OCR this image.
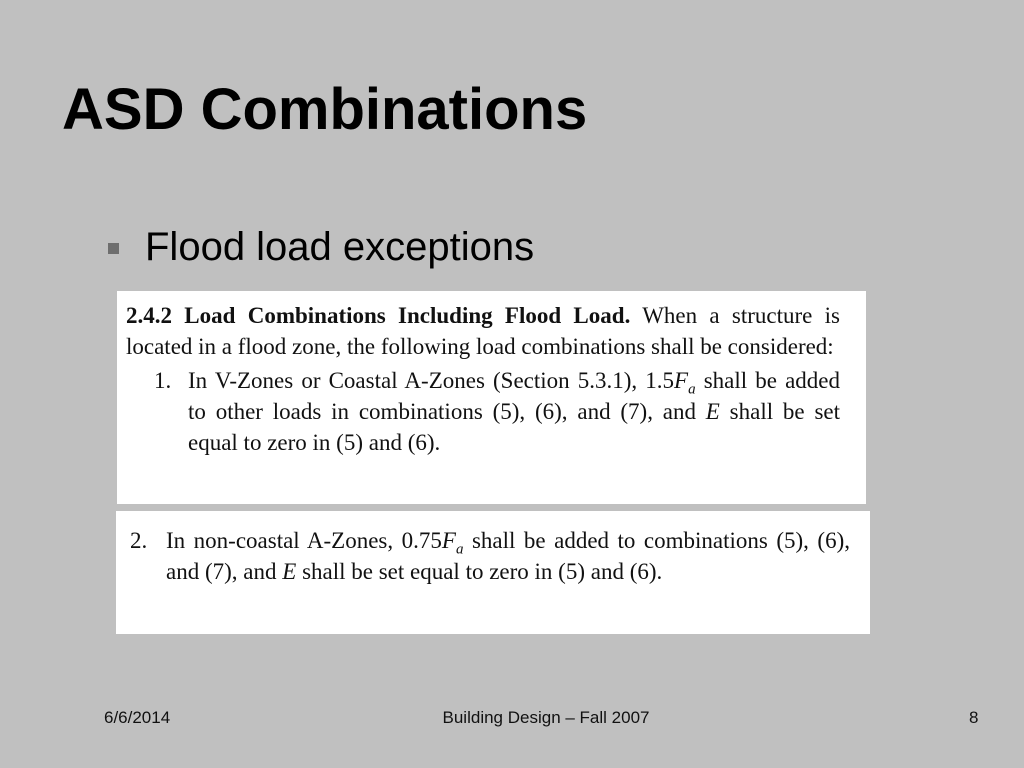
ASD Combinations
Flood load exceptions

2.4.2 Load Combinations Including Flood Load. When a structure is located in a flood zone, the following load combinations shall be considered:

1. In V-Zones or Coastal A-Zones (Section 5.3.1), $1.5F_a$ shall be added to other loads in combinations (5), (6), and (7), and E shall be set equal to zero in (5) and (6).
2. In non-coastal A-Zones, $0.75F_a$ shall be added to combinations (5), (6), and (7), and E shall be set equal to zero in (5) and (6).
6/6/2014	Building Design – Fall 2007	8
